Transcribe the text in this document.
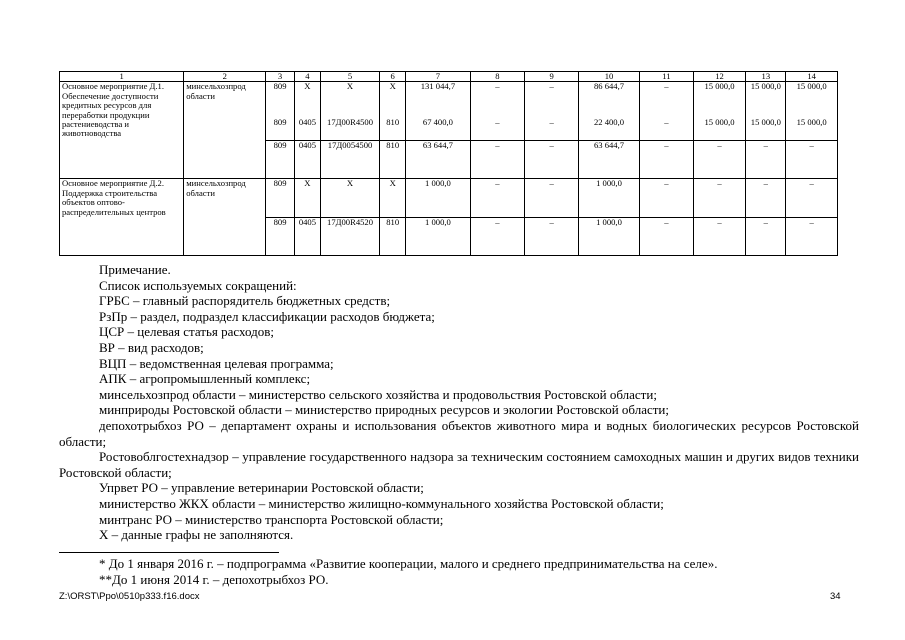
1	2	3	4	5	6	7	8	9	10	11	12	13	14
Основное мероприятие Д.1. Обеспечение доступности кредитных ресурсов для переработки продукции растениеводства и животноводства	минсельхозпрод области	809	Х	Х	Х	131 044,7	–	–	86 644,7	–	15 000,0	15 000,0	15 000,0
		809	0405	17Д00R4500	810	67 400,0	–	–	22 400,0	–	15 000,0	15 000,0	15 000,0
		809	0405	17Д0054500	810	63 644,7	–	–	63 644,7	–	–	–	–
Основное мероприятие Д.2. Поддержка строительства объектов оптово-распределительных центров	минсельхозпрод области	809	Х	Х	Х	1 000,0	–	–	1 000,0	–	–	–	–
		809	0405	17Д00R4520	810	1 000,0	–	–	1 000,0	–	–	–	–

Примечание.

Список используемых сокращений:

ГРБС – главный распорядитель бюджетных средств;

РзПр – раздел, подраздел классификации расходов бюджета;

ЦСР – целевая статья расходов;

ВР – вид расходов;

ВЦП – ведомственная целевая программа;

АПК – агропромышленный комплекс;

минсельхозпрод области – министерство сельского хозяйства и продовольствия Ростовской области;

минприроды Ростовской области – министерство природных ресурсов и экологии Ростовской области;

депохотрыбхоз РО – департамент охраны и использования объектов животного мира и водных биологических ресурсов Ростовской области;

Ростовоблгостехнадзор – управление государственного надзора за техническим состоянием самоходных машин и других видов техники Ростовской области;

Упрвет РО – управление ветеринарии Ростовской области;

министерство ЖКХ области – министерство жилищно-коммунального хозяйства Ростовской области;

минтранс РО – министерство транспорта Ростовской области;

Х – данные графы не заполняются.

* До 1 января 2016 г. – подпрограмма «Развитие кооперации, малого и среднего предпринимательства на селе».

**До 1 июня 2014 г. – депохотрыбхоз РО.

Z:\ORST\Ppo\0510p333.f16.docx	34
